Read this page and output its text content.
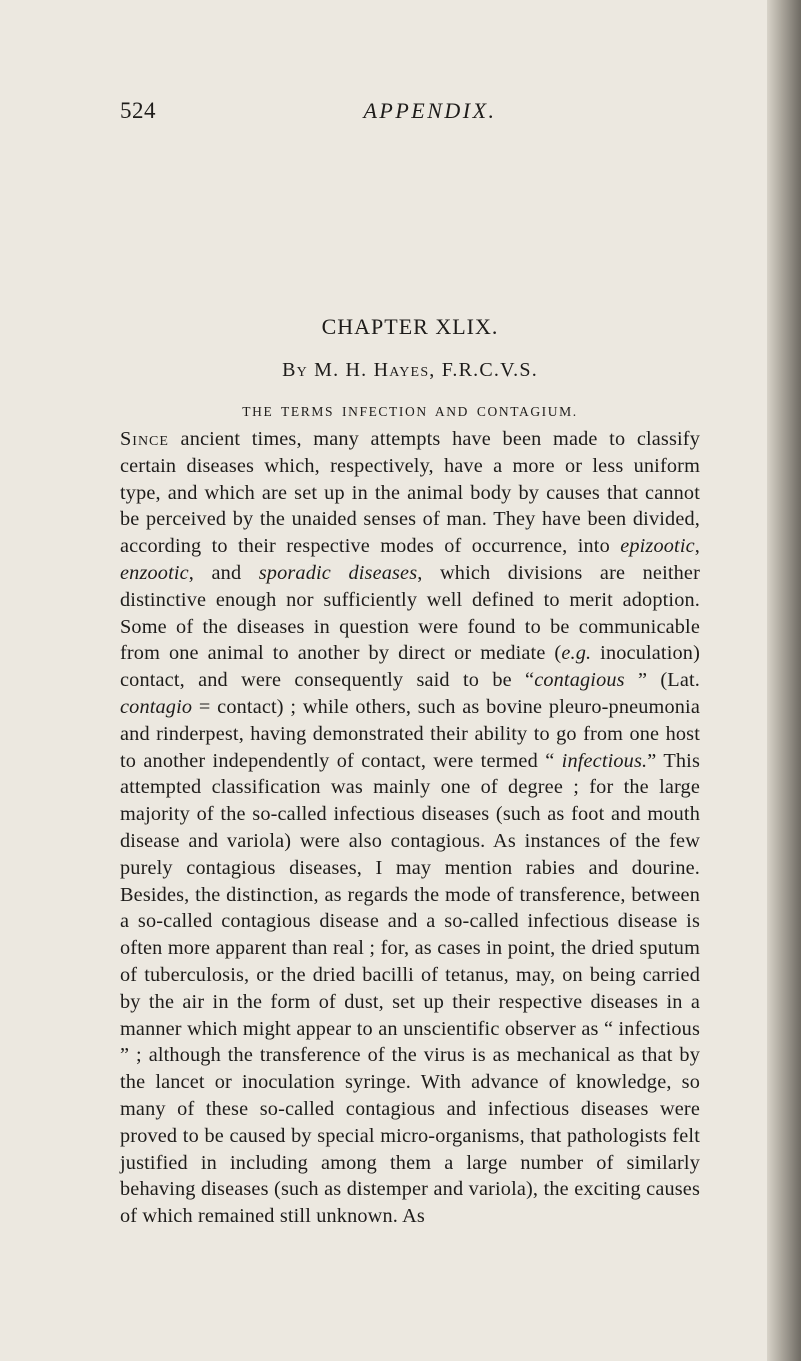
524	APPENDIX.
CHAPTER XLIX.
By M. H. Hayes, F.R.C.V.S.
THE TERMS INFECTION AND CONTAGIUM.
Since ancient times, many attempts have been made to classify certain diseases which, respectively, have a more or less uniform type, and which are set up in the animal body by causes that cannot be perceived by the unaided senses of man. They have been divided, according to their respective modes of occurrence, into epizootic, enzootic, and sporadic diseases, which divisions are neither distinctive enough nor sufficiently well defined to merit adoption. Some of the diseases in question were found to be communicable from one animal to another by direct or mediate (e.g. inoculation) contact, and were consequently said to be “contagious ” (Lat. contagio = contact) ; while others, such as bovine pleuro-pneumonia and rinderpest, having demonstrated their ability to go from one host to another independently of contact, were termed “ infectious.” This attempted classification was mainly one of degree ; for the large majority of the so-called infectious diseases (such as foot and mouth disease and variola) were also contagious. As instances of the few purely contagious diseases, I may mention rabies and dourine. Besides, the distinction, as regards the mode of transference, between a so-called contagious disease and a so-called infectious disease is often more apparent than real ; for, as cases in point, the dried sputum of tuberculosis, or the dried bacilli of tetanus, may, on being carried by the air in the form of dust, set up their respective diseases in a manner which might appear to an unscientific observer as “ infectious ” ; although the transference of the virus is as mechanical as that by the lancet or inoculation syringe. With advance of knowledge, so many of these so-called contagious and infectious diseases were proved to be caused by special micro-organisms, that pathologists felt justified in including among them a large number of similarly behaving diseases (such as distemper and variola), the exciting causes of which remained still unknown. As
